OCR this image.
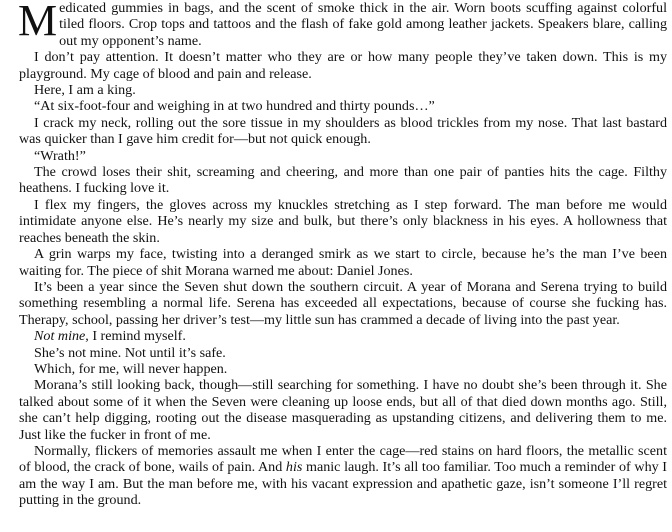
Medicated gummies in bags, and the scent of smoke thick in the air. Worn boots scuffing against colorful tiled floors. Crop tops and tattoos and the flash of fake gold among leather jackets. Speakers blare, calling out my opponent’s name.

I don’t pay attention. It doesn’t matter who they are or how many people they’ve taken down. This is my playground. My cage of blood and pain and release.

Here, I am a king.

“At six-foot-four and weighing in at two hundred and thirty pounds…”

I crack my neck, rolling out the sore tissue in my shoulders as blood trickles from my nose. That last bastard was quicker than I gave him credit for—but not quick enough.

“Wrath!”

The crowd loses their shit, screaming and cheering, and more than one pair of panties hits the cage. Filthy heathens. I fucking love it.

I flex my fingers, the gloves across my knuckles stretching as I step forward. The man before me would intimidate anyone else. He’s nearly my size and bulk, but there’s only blackness in his eyes. A hollowness that reaches beneath the skin.

A grin warps my face, twisting into a deranged smirk as we start to circle, because he’s the man I’ve been waiting for. The piece of shit Morana warned me about: Daniel Jones.

It’s been a year since the Seven shut down the southern circuit. A year of Morana and Serena trying to build something resembling a normal life. Serena has exceeded all expectations, because of course she fucking has. Therapy, school, passing her driver’s test—my little sun has crammed a decade of living into the past year.

Not mine, I remind myself.

She’s not mine. Not until it’s safe.

Which, for me, will never happen.

Morana’s still looking back, though—still searching for something. I have no doubt she’s been through it. She talked about some of it when the Seven were cleaning up loose ends, but all of that died down months ago. Still, she can’t help digging, rooting out the disease masquerading as upstanding citizens, and delivering them to me. Just like the fucker in front of me.

Normally, flickers of memories assault me when I enter the cage—red stains on hard floors, the metallic scent of blood, the crack of bone, wails of pain. And his manic laugh. It’s all too familiar. Too much a reminder of why I am the way I am. But the man before me, with his vacant expression and apathetic gaze, isn’t someone I’ll regret putting in the ground.
